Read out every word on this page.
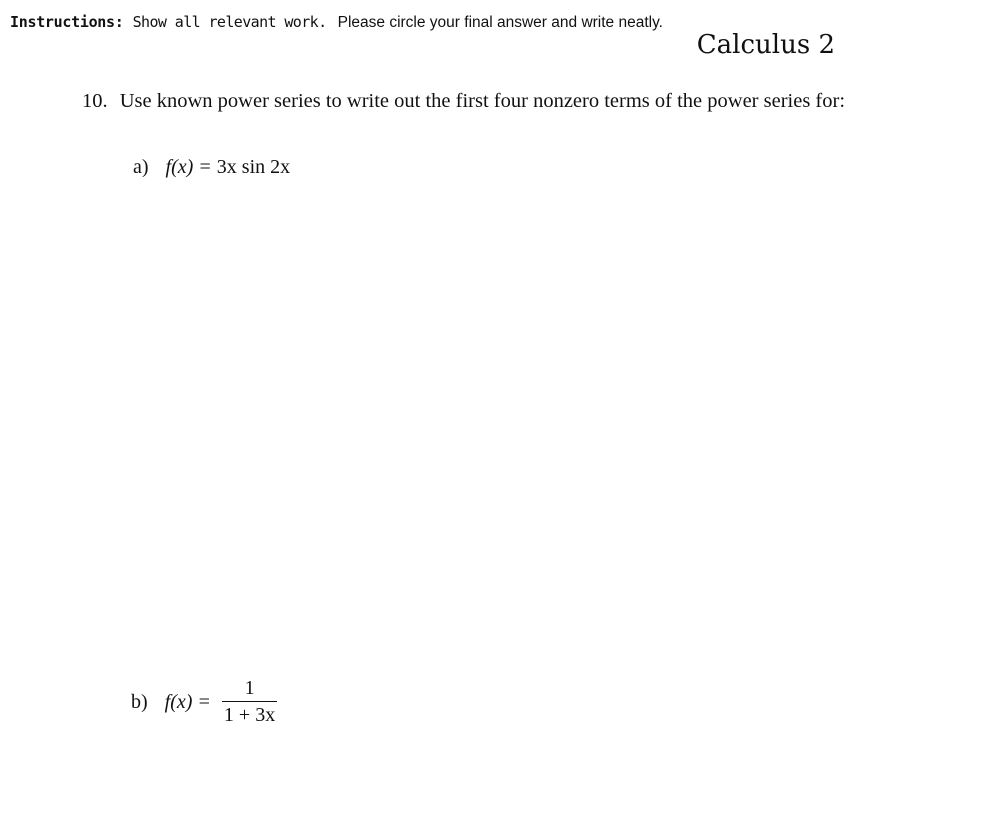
Instructions: Show all relevant work. Please circle your final answer and write neatly.
Calculus 2
10. Use known power series to write out the first four nonzero terms of the power series for:
a) f(x) = 3x sin 2x
b) $f(x) = \frac{1}{1 + 3x}$
